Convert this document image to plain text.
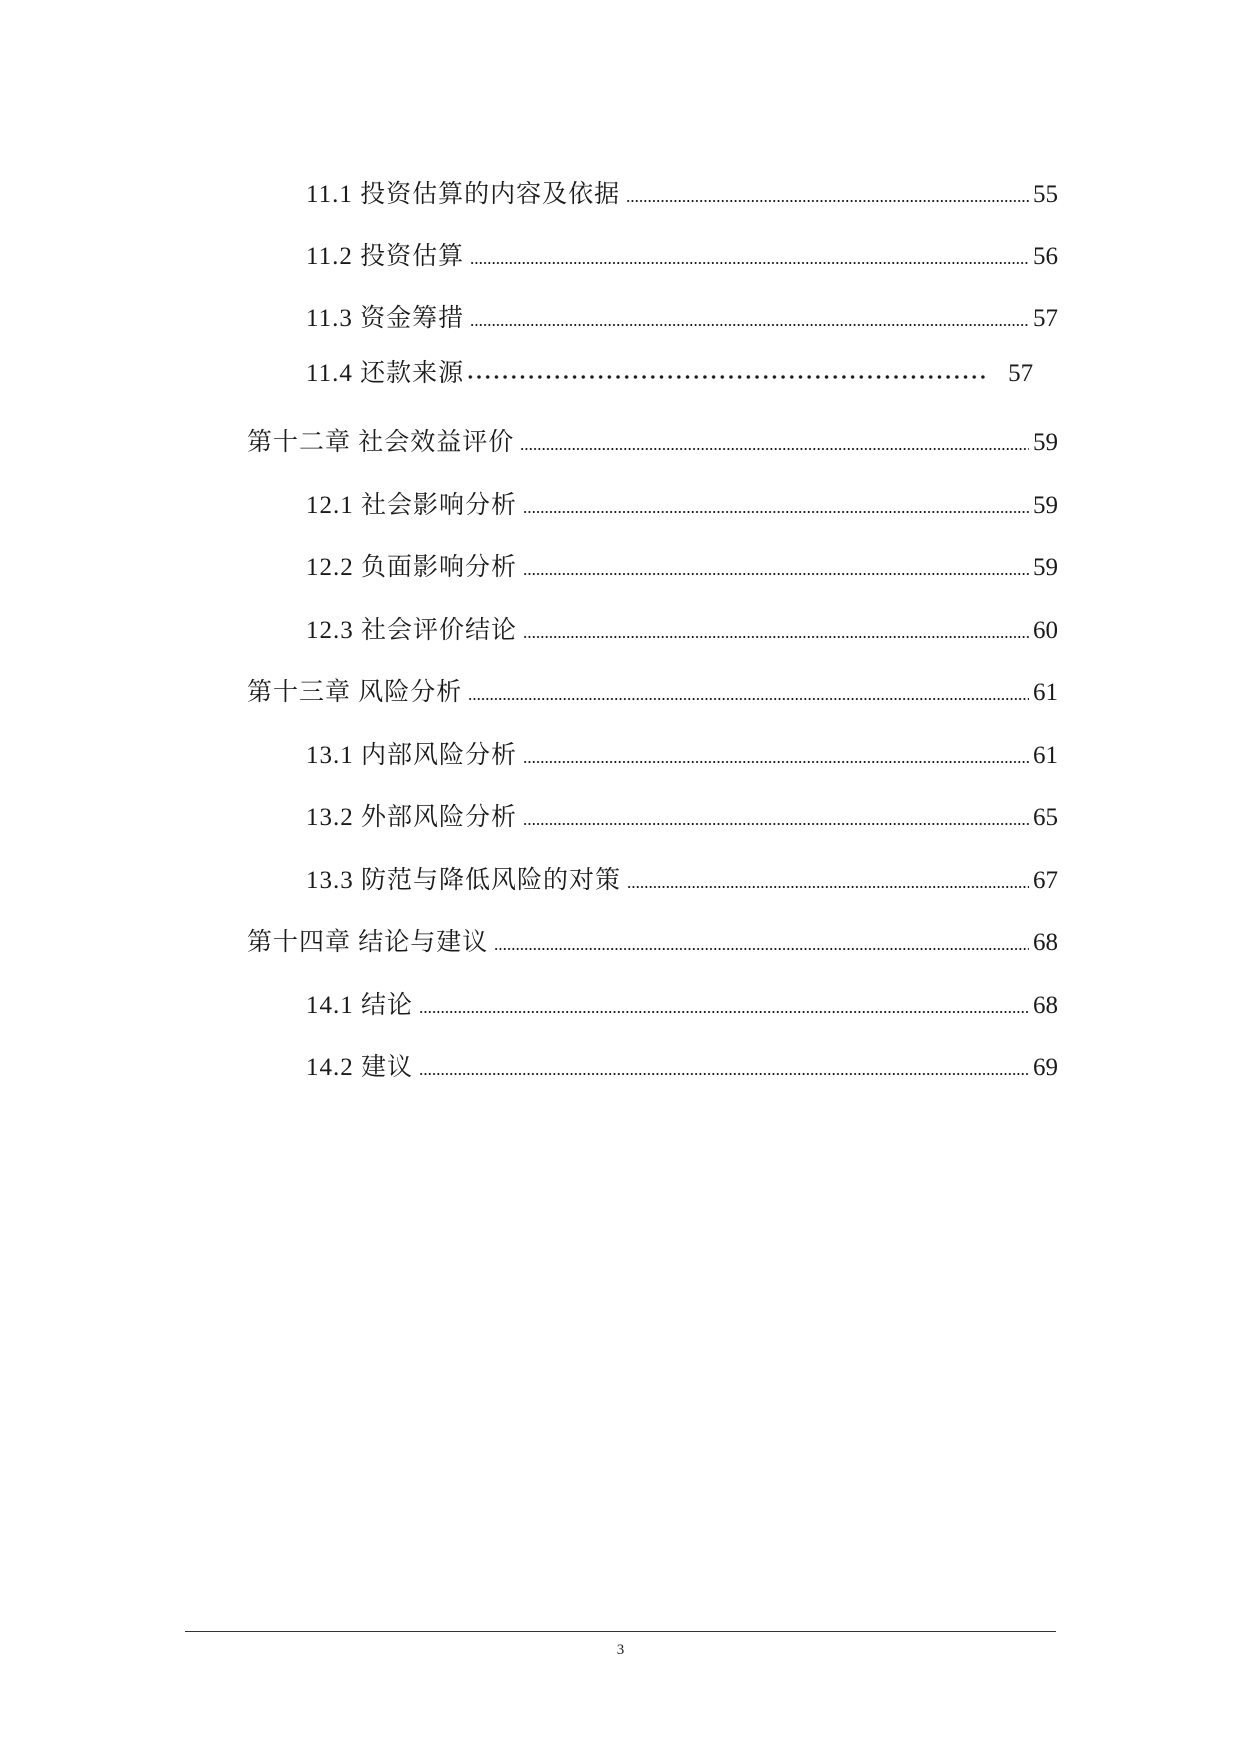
11.1 投资估算的内容及依据	55
11.2 投资估算	56
11.3 资金筹措	57
11.4 还款来源	57
第十二章 社会效益评价	59
12.1 社会影响分析	59
12.2 负面影响分析	59
12.3 社会评价结论	60
第十三章 风险分析	61
13.1 内部风险分析	61
13.2 外部风险分析	65
13.3 防范与降低风险的对策	67
第十四章 结论与建议	68
14.1 结论	68
14.2 建议	69
3
